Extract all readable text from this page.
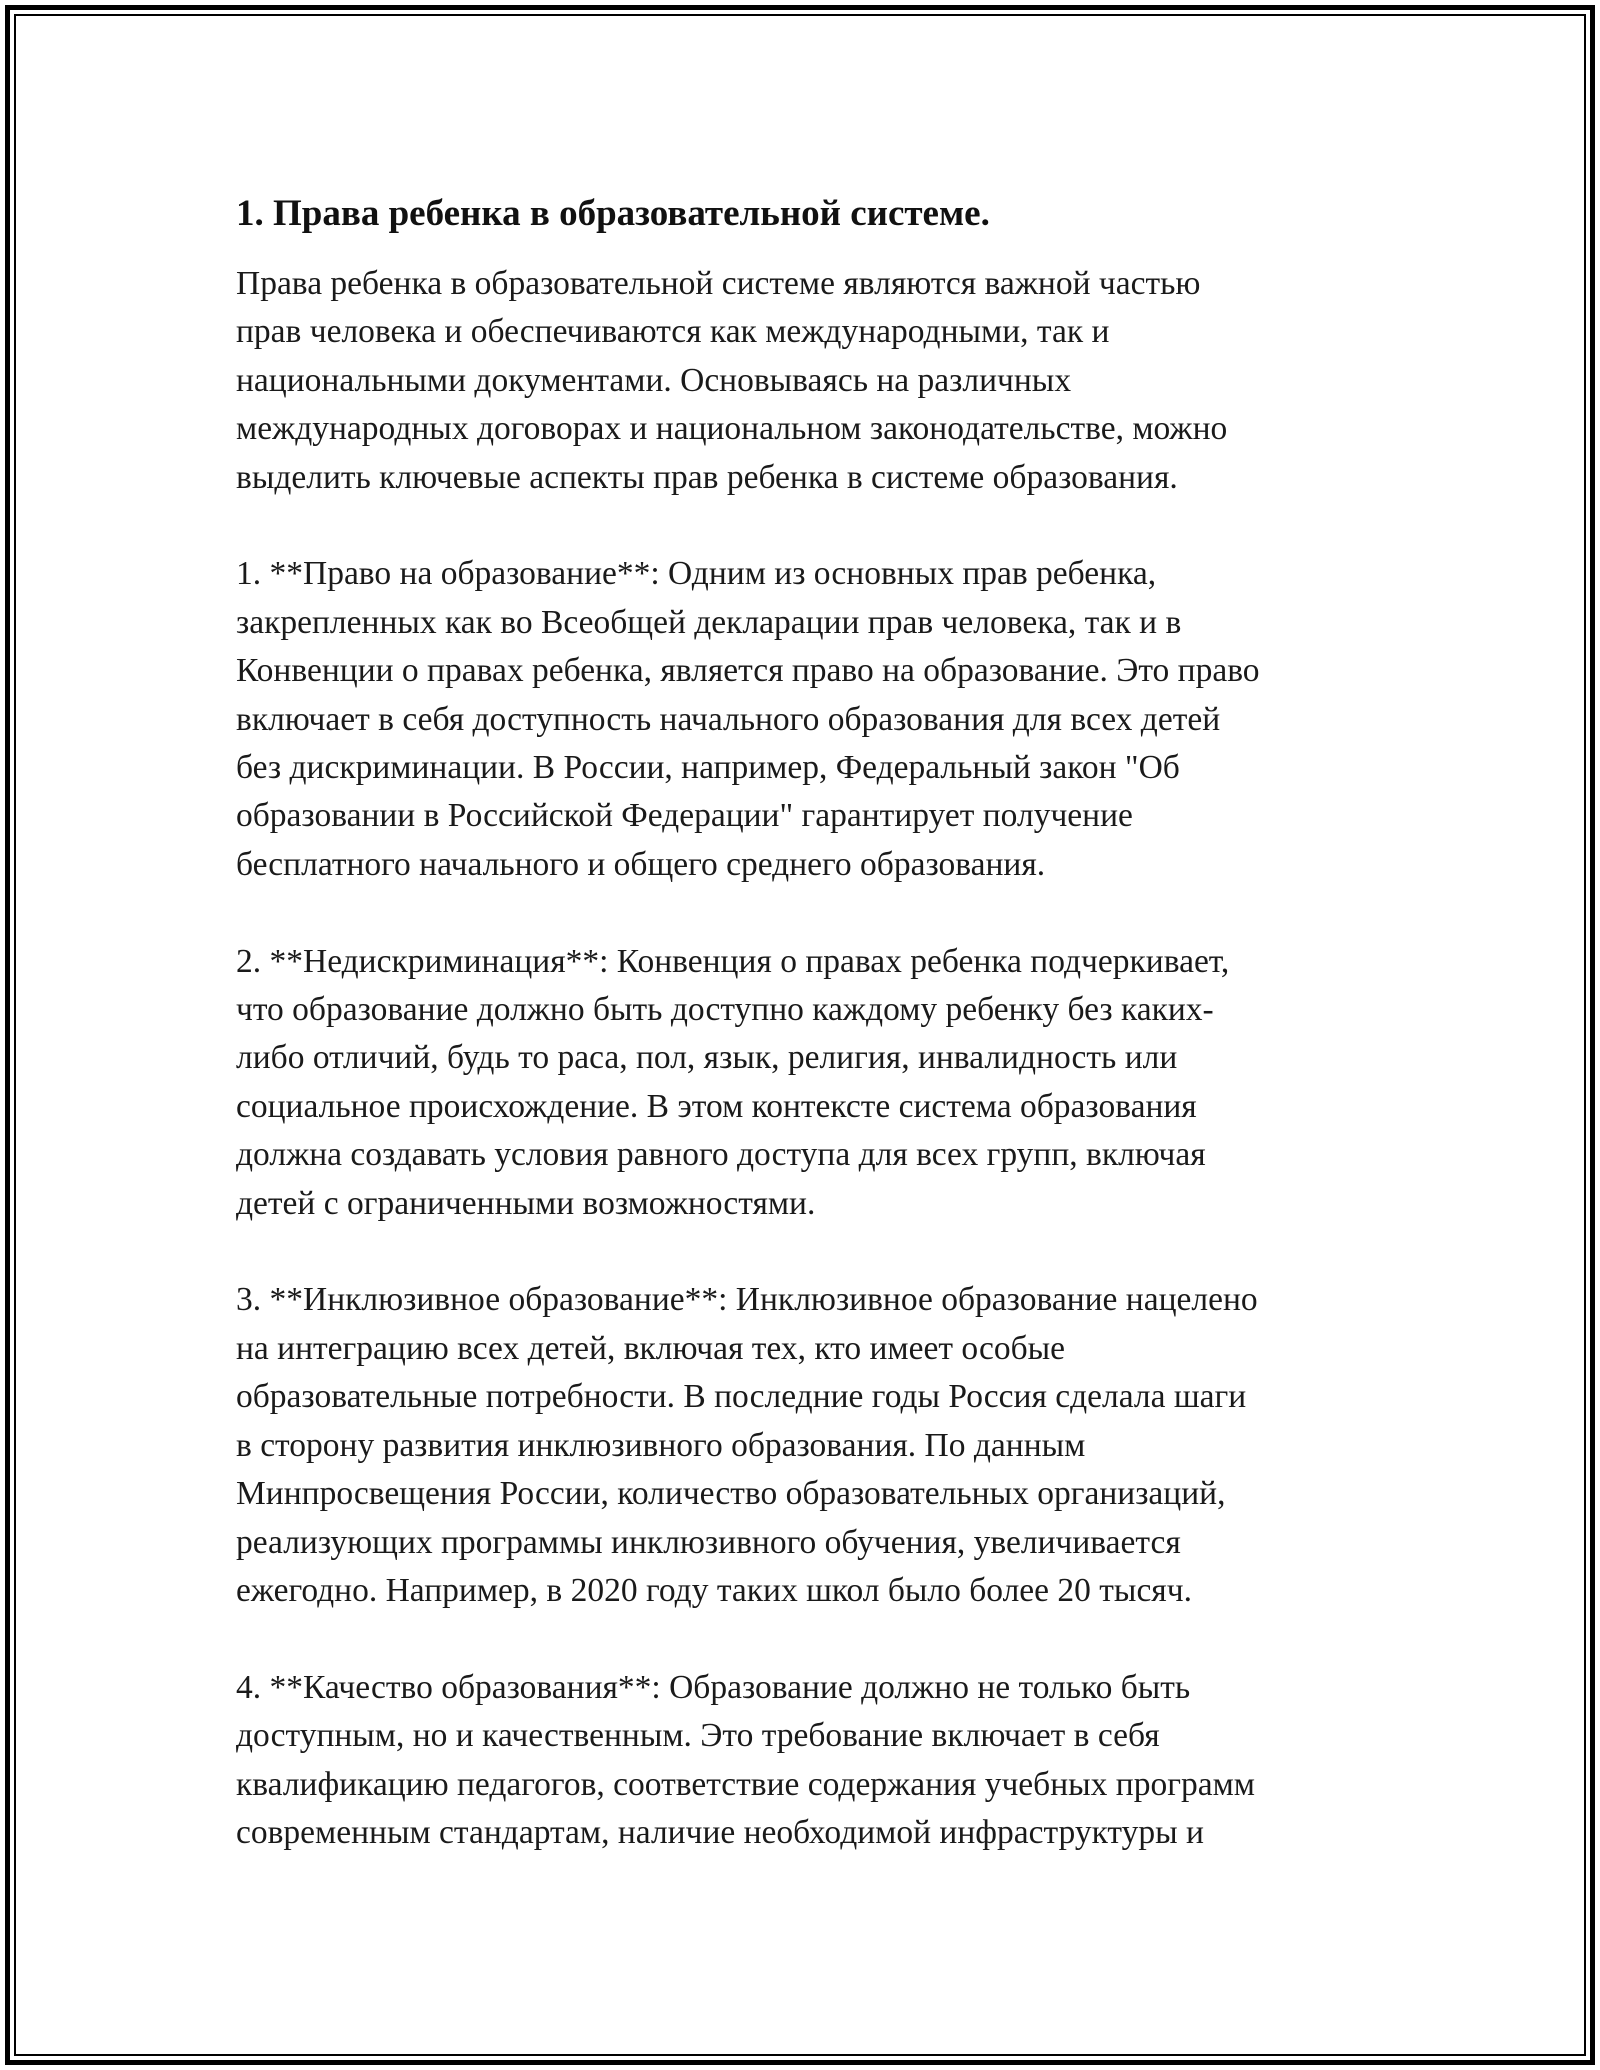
1. Права ребенка в образовательной системе.

Права ребенка в образовательной системе являются важной частью
прав человека и обеспечиваются как международными, так и
национальными документами. Основываясь на различных
международных договорах и национальном законодательстве, можно
выделить ключевые аспекты прав ребенка в системе образования.

1. **Право на образование**: Одним из основных прав ребенка,
закрепленных как во Всеобщей декларации прав человека, так и в
Конвенции о правах ребенка, является право на образование. Это право
включает в себя доступность начального образования для всех детей
без дискриминации. В России, например, Федеральный закон "Об
образовании в Российской Федерации" гарантирует получение
бесплатного начального и общего среднего образования.

2. **Недискриминация**: Конвенция о правах ребенка подчеркивает,
что образование должно быть доступно каждому ребенку без каких-
либо отличий, будь то раса, пол, язык, религия, инвалидность или
социальное происхождение. В этом контексте система образования
должна создавать условия равного доступа для всех групп, включая
детей с ограниченными возможностями.

3. **Инклюзивное образование**: Инклюзивное образование нацелено
на интеграцию всех детей, включая тех, кто имеет особые
образовательные потребности. В последние годы Россия сделала шаги
в сторону развития инклюзивного образования. По данным
Минпросвещения России, количество образовательных организаций,
реализующих программы инклюзивного обучения, увеличивается
ежегодно. Например, в 2020 году таких школ было более 20 тысяч.

4. **Качество образования**: Образование должно не только быть
доступным, но и качественным. Это требование включает в себя
квалификацию педагогов, соответствие содержания учебных программ
современным стандартам, наличие необходимой инфраструктуры и
